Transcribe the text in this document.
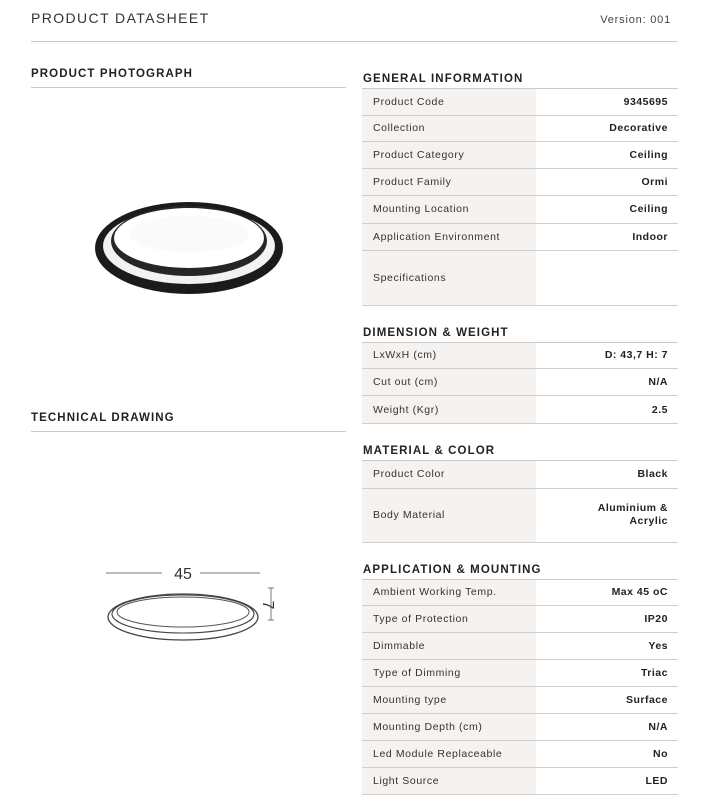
PRODUCT DATASHEET	Version: 001
PRODUCT PHOTOGRAPH
TECHNICAL DRAWING
45
7
GENERAL INFORMATION
Product Code	9345695
Collection	Decorative
Product Category	Ceiling
Product Family	Ormi
Mounting Location	Ceiling
Application Environment	Indoor
Specifications	
DIMENSION & WEIGHT
LxWxH (cm)	D: 43,7 H: 7
Cut out (cm)	N/A
Weight (Kgr)	2.5
MATERIAL & COLOR
Product Color	Black
Body Material	Aluminium & Acrylic
APPLICATION & MOUNTING
Ambient Working Temp.	Max 45 oC
Type of Protection	IP20
Dimmable	Yes
Type of Dimming	Triac
Mounting type	Surface
Mounting Depth (cm)	N/A
Led Module Replaceable	No
Light Source	LED
